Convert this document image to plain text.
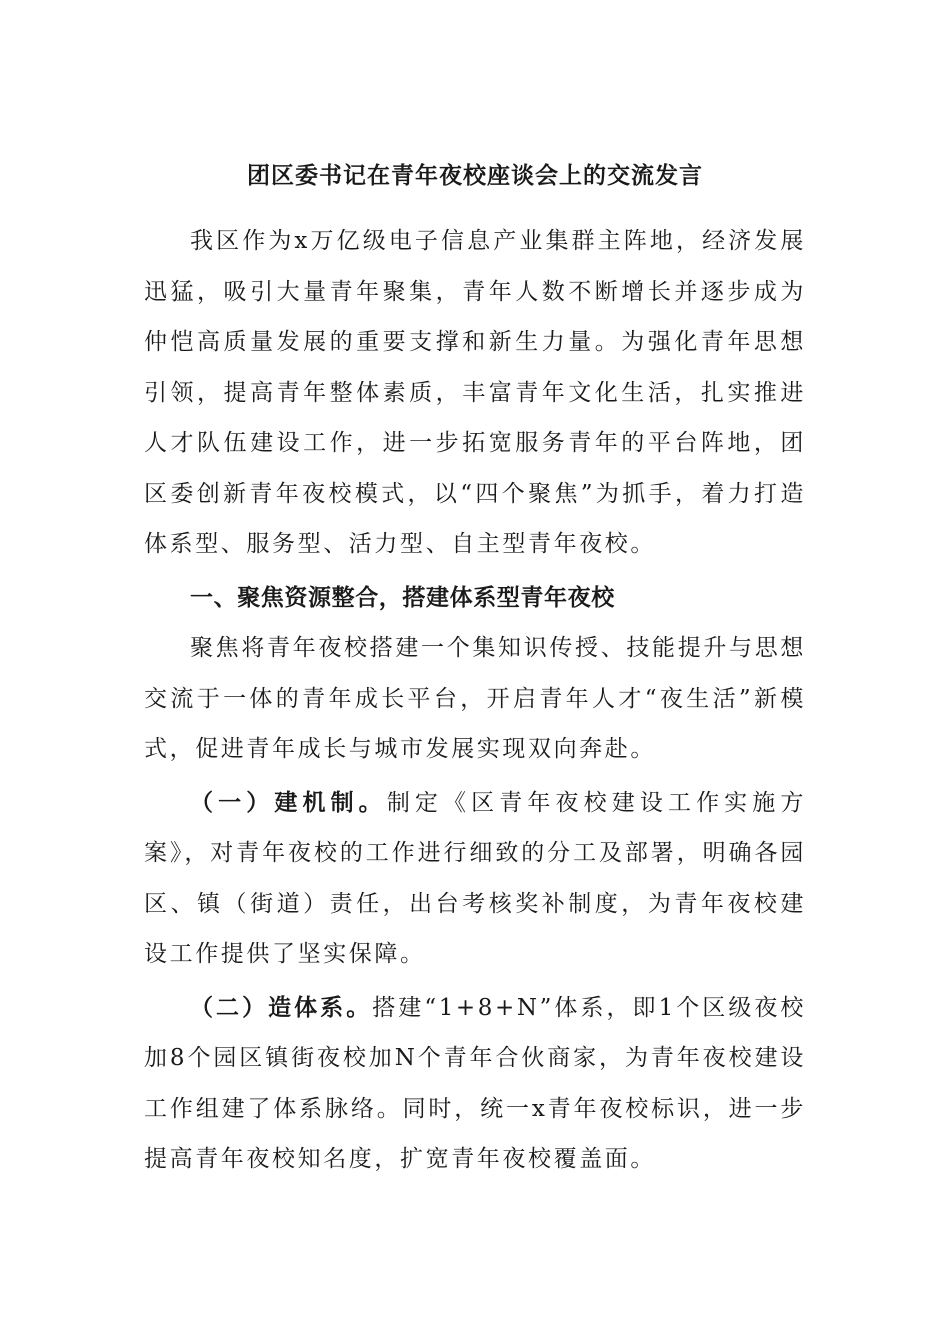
团区委书记在青年夜校座谈会上的交流发言

我区作为x万亿级电子信息产业集群主阵地，经济发展迅猛，吸引大量青年聚集，青年人数不断增长并逐步成为仲恺高质量发展的重要支撑和新生力量。为强化青年思想引领，提高青年整体素质，丰富青年文化生活，扎实推进人才队伍建设工作，进一步拓宽服务青年的平台阵地，团区委创新青年夜校模式，以“四个聚焦”为抓手，着力打造体系型、服务型、活力型、自主型青年夜校。

一、聚焦资源整合，搭建体系型青年夜校

聚焦将青年夜校搭建一个集知识传授、技能提升与思想交流于一体的青年成长平台，开启青年人才“夜生活”新模式，促进青年成长与城市发展实现双向奔赴。

（一）建机制。制定《区青年夜校建设工作实施方案》，对青年夜校的工作进行细致的分工及部署，明确各园区、镇（街道）责任，出台考核奖补制度，为青年夜校建设工作提供了坚实保障。

（二）造体系。搭建“1+8+N”体系，即1个区级夜校加8个园区镇街夜校加N个青年合伙商家，为青年夜校建设工作组建了体系脉络。同时，统一x青年夜校标识，进一步提高青年夜校知名度，扩宽青年夜校覆盖面。
